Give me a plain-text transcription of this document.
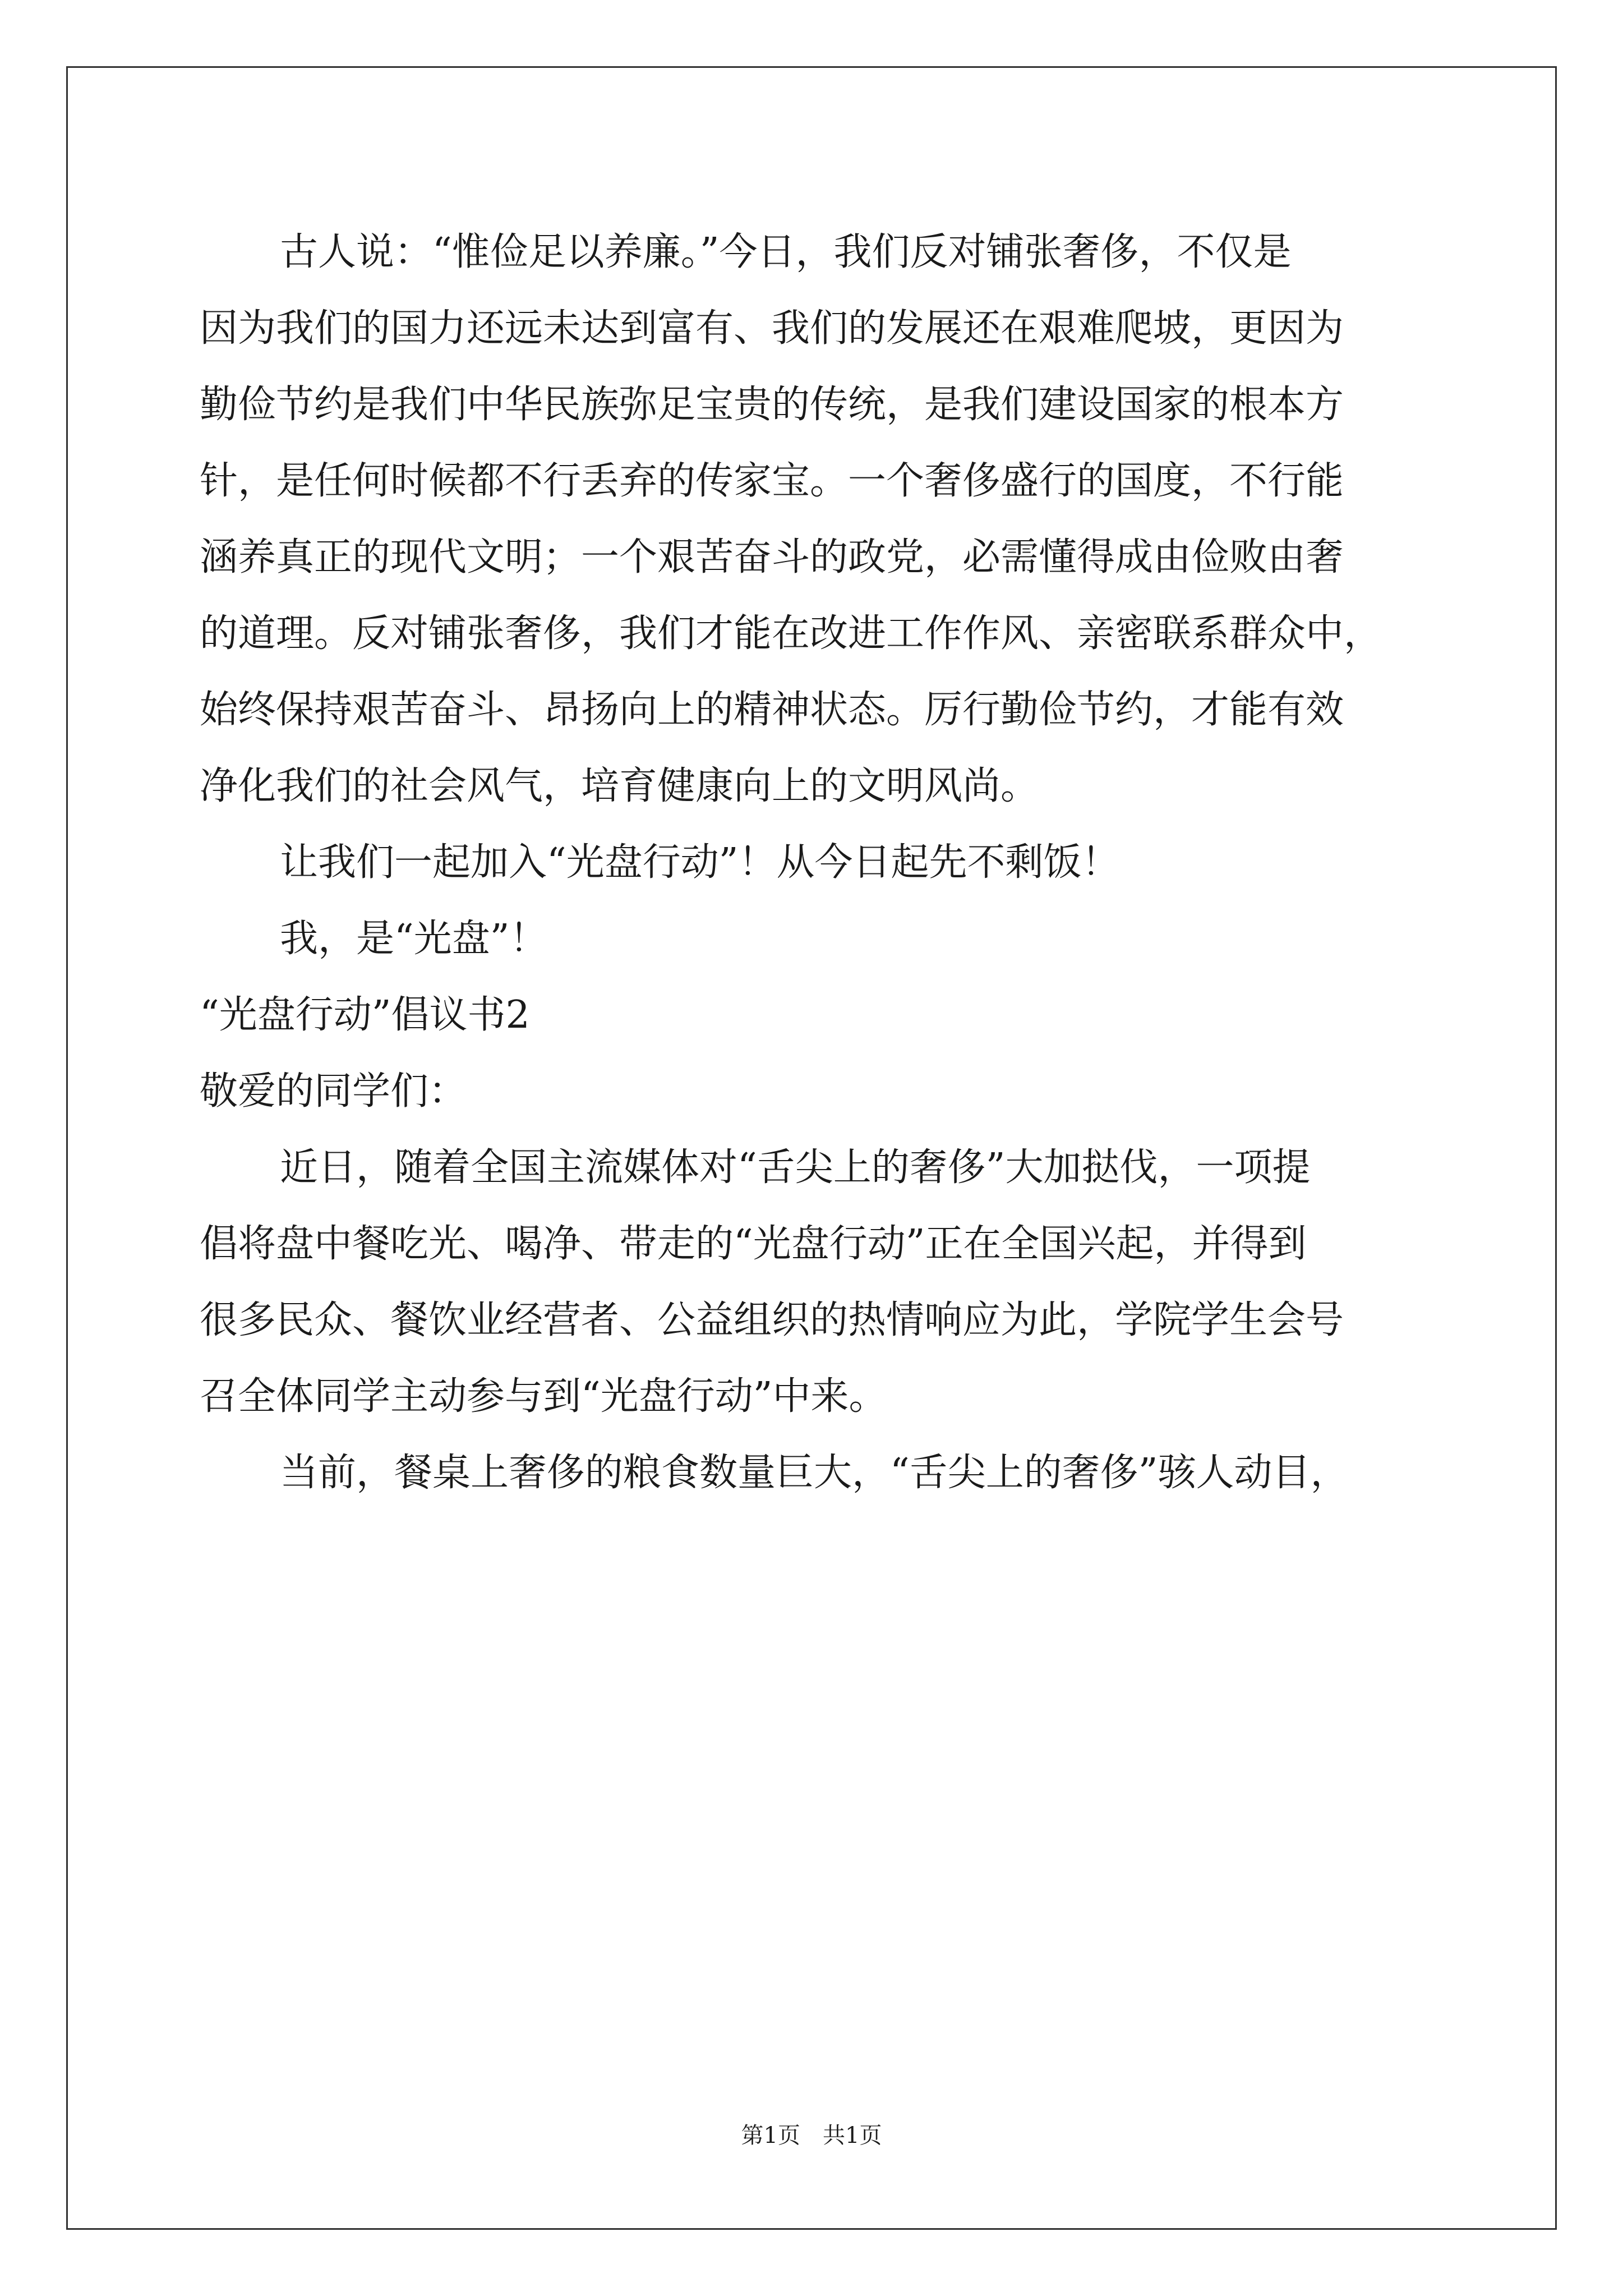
古人说：“惟俭足以养廉。”今日，我们反对铺张奢侈，不仅是
因为我们的国力还远未达到富有、我们的发展还在艰难爬坡，更因为
勤俭节约是我们中华民族弥足宝贵的传统，是我们建设国家的根本方
针，是任何时候都不行丢弃的传家宝。一个奢侈盛行的国度，不行能
涵养真正的现代文明；一个艰苦奋斗的政党，必需懂得成由俭败由奢
的道理。反对铺张奢侈，我们才能在改进工作作风、亲密联系群众中，
始终保持艰苦奋斗、昂扬向上的精神状态。厉行勤俭节约，才能有效
净化我们的社会风气，培育健康向上的文明风尚。
让我们一起加入“光盘行动”！从今日起先不剩饭！
我，是“光盘”！
“光盘行动”倡议书2
敬爱的同学们：
近日，随着全国主流媒体对“舌尖上的奢侈”大加挞伐，一项提
倡将盘中餐吃光、喝净、带走的“光盘行动”正在全国兴起，并得到
很多民众、餐饮业经营者、公益组织的热情响应为此，学院学生会号
召全体同学主动参与到“光盘行动”中来。
当前，餐桌上奢侈的粮食数量巨大，“舌尖上的奢侈”骇人动目，
第1页　共1页
